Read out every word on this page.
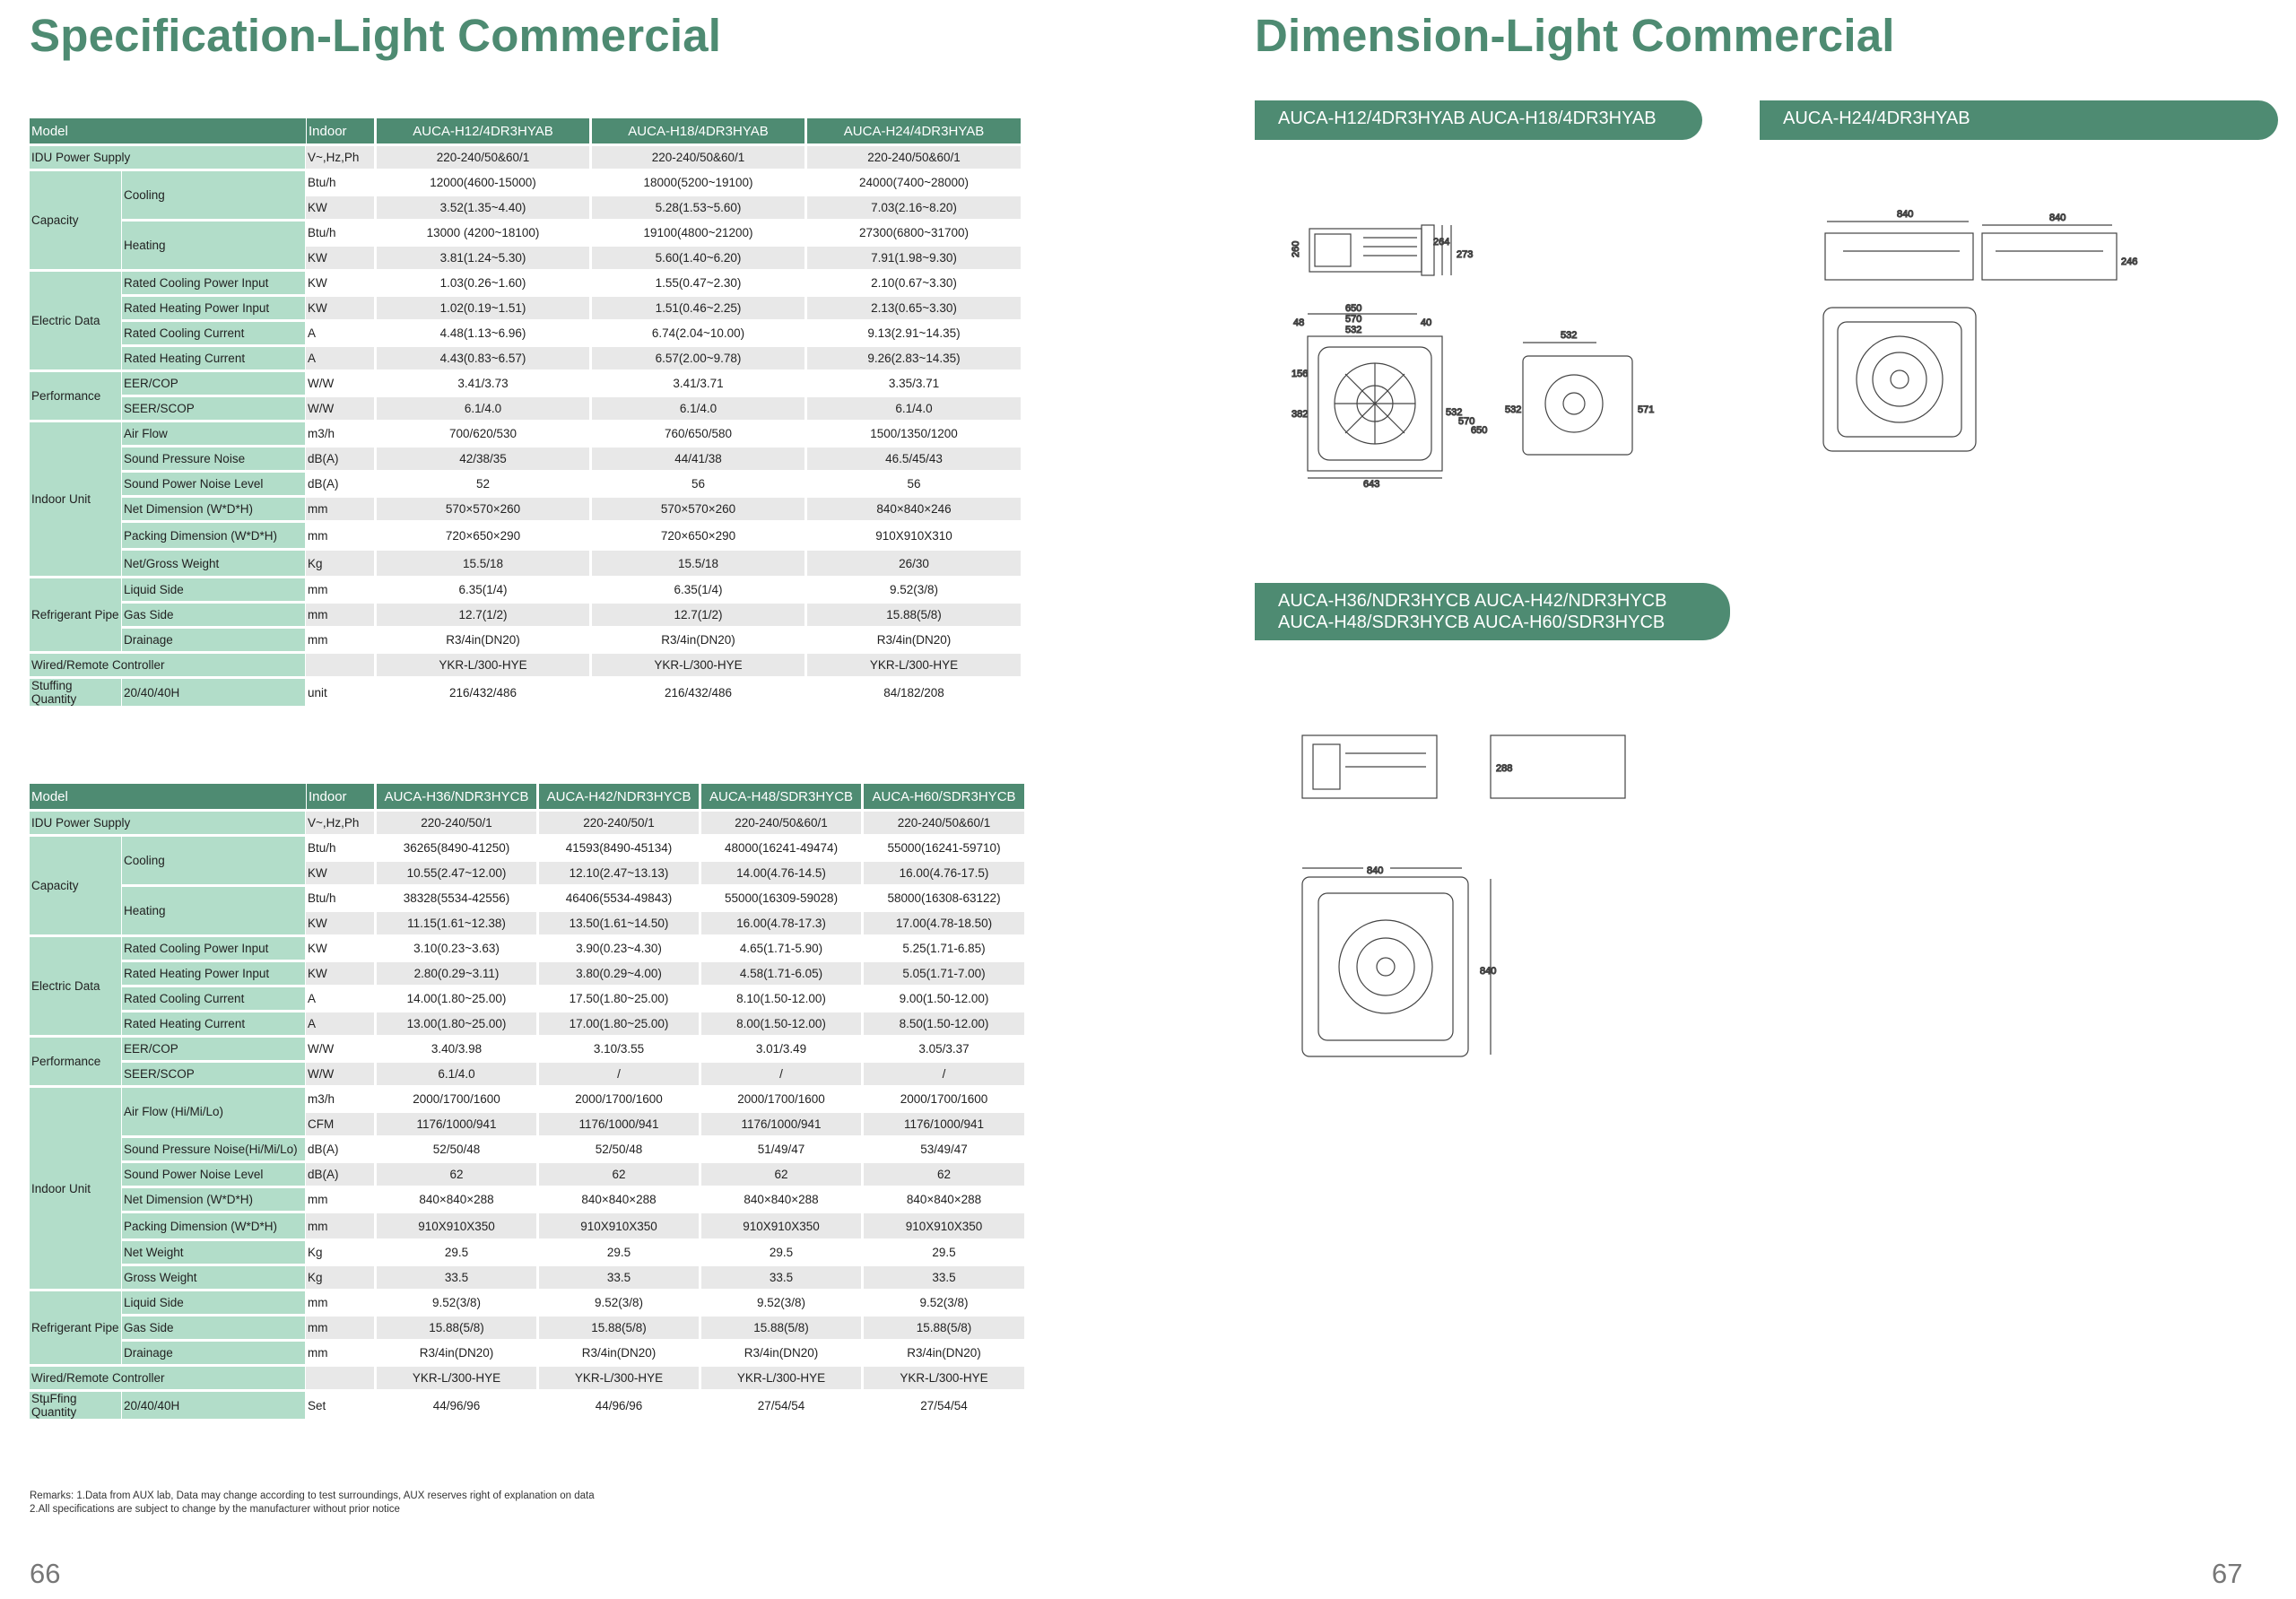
Specification-Light Commercial	Dimension-Light Commercial
Model		Indoor	AUCA-H12/4DR3HYAB	AUCA-H18/4DR3HYAB	AUCA-H24/4DR3HYAB
IDU Power Supply		V~,Hz,Ph	220-240/50&60/1	220-240/50&60/1	220-240/50&60/1
Capacity	Cooling	Btu/h	12000(4600-15000)	18000(5200~19100)	24000(7400~28000)
		KW	3.52(1.35~4.40)	5.28(1.53~5.60)	7.03(2.16~8.20)
	Heating	Btu/h	13000 (4200~18100)	19100(4800~21200)	27300(6800~31700)
		KW	3.81(1.24~5.30)	5.60(1.40~6.20)	7.91(1.98~9.30)
Electric Data	Rated Cooling Power Input	KW	1.03(0.26~1.60)	1.55(0.47~2.30)	2.10(0.67~3.30)
	Rated Heating Power Input	KW	1.02(0.19~1.51)	1.51(0.46~2.25)	2.13(0.65~3.30)
	Rated Cooling Current	A	4.48(1.13~6.96)	6.74(2.04~10.00)	9.13(2.91~14.35)
	Rated Heating Current	A	4.43(0.83~6.57)	6.57(2.00~9.78)	9.26(2.83~14.35)
Performance	EER/COP	W/W	3.41/3.73	3.41/3.71	3.35/3.71
	SEER/SCOP	W/W	6.1/4.0	6.1/4.0	6.1/4.0
Indoor Unit	Air Flow	m3/h	700/620/530	760/650/580	1500/1350/1200
	Sound Pressure Noise	dB(A)	42/38/35	44/41/38	46.5/45/43
	Sound Power Noise Level	dB(A)	52	56	56
	Net Dimension (W*D*H)	mm	570×570×260	570×570×260	840×840×246
	Packing Dimension (W*D*H)	mm	720×650×290	720×650×290	910X910X310
	Net/Gross Weight	Kg	15.5/18	15.5/18	26/30
Refrigerant Pipe	Liquid Side	mm	6.35(1/4)	6.35(1/4)	9.52(3/8)
	Gas Side	mm	12.7(1/2)	12.7(1/2)	15.88(5/8)
	Drainage	mm	R3/4in(DN20)	R3/4in(DN20)	R3/4in(DN20)
Wired/Remote Controller			YKR-L/300-HYE	YKR-L/300-HYE	YKR-L/300-HYE
Stuffing Quantity	20/40/40H	unit	216/432/486	216/432/486	84/182/208
Model		Indoor	AUCA-H36/NDR3HYCB	AUCA-H42/NDR3HYCB	AUCA-H48/SDR3HYCB	AUCA-H60/SDR3HYCB
IDU Power Supply		V~,Hz,Ph	220-240/50/1	220-240/50/1	220-240/50&60/1	220-240/50&60/1
Capacity	Cooling	Btu/h	36265(8490-41250)	41593(8490-45134)	48000(16241-49474)	55000(16241-59710)
		KW	10.55(2.47~12.00)	12.10(2.47~13.13)	14.00(4.76-14.5)	16.00(4.76-17.5)
	Heating	Btu/h	38328(5534-42556)	46406(5534-49843)	55000(16309-59028)	58000(16308-63122)
		KW	11.15(1.61~12.38)	13.50(1.61~14.50)	16.00(4.78-17.3)	17.00(4.78-18.50)
Electric Data	Rated Cooling Power Input	KW	3.10(0.23~3.63)	3.90(0.23~4.30)	4.65(1.71-5.90)	5.25(1.71-6.85)
	Rated Heating Power Input	KW	2.80(0.29~3.11)	3.80(0.29~4.00)	4.58(1.71-6.05)	5.05(1.71-7.00)
	Rated Cooling Current	A	14.00(1.80~25.00)	17.50(1.80~25.00)	8.10(1.50-12.00)	9.00(1.50-12.00)
	Rated Heating Current	A	13.00(1.80~25.00)	17.00(1.80~25.00)	8.00(1.50-12.00)	8.50(1.50-12.00)
Performance	EER/COP	W/W	3.40/3.98	3.10/3.55	3.01/3.49	3.05/3.37
	SEER/SCOP	W/W	6.1/4.0	/	/	/
Indoor Unit	Air Flow (Hi/Mi/Lo)	m3/h	2000/1700/1600	2000/1700/1600	2000/1700/1600	2000/1700/1600
		CFM	1176/1000/941	1176/1000/941	1176/1000/941	1176/1000/941
	Sound Pressure Noise(Hi/Mi/Lo)	dB(A)	52/50/48	52/50/48	51/49/47	53/49/47
	Sound Power Noise Level	dB(A)	62	62	62	62
	Net Dimension (W*D*H)	mm	840×840×288	840×840×288	840×840×288	840×840×288
	Packing Dimension (W*D*H)	mm	910X910X350	910X910X350	910X910X350	910X910X350
	Net Weight	Kg	29.5	29.5	29.5	29.5
	Gross Weight	Kg	33.5	33.5	33.5	33.5
Refrigerant Pipe	Liquid Side	mm	9.52(3/8)	9.52(3/8)	9.52(3/8)	9.52(3/8)
	Gas Side	mm	15.88(5/8)	15.88(5/8)	15.88(5/8)	15.88(5/8)
	Drainage	mm	R3/4in(DN20)	R3/4in(DN20)	R3/4in(DN20)	R3/4in(DN20)
Wired/Remote Controller			YKR-L/300-HYE	YKR-L/300-HYE	YKR-L/300-HYE	YKR-L/300-HYE
StµFfing Quantity	20/40/40H	Set	44/96/96	44/96/96	27/54/54	27/54/54
Remarks: 1.Data from AUX lab, Data may change according to test surroundings, AUX reserves right of explanation on data
2.All specifications are subject to change by the manufacturer without prior notice
66	67
AUCA-H12/4DR3HYAB AUCA-H18/4DR3HYAB	AUCA-H24/4DR3HYAB
AUCA-H36/NDR3HYCB AUCA-H42/NDR3HYCB
AUCA-H48/SDR3HYCB AUCA-H60/SDR3HYCB
260	264
273
650
570
532
48	40
156
382	532
570
650
643
532
532	571
840	840
246
288
840
840
